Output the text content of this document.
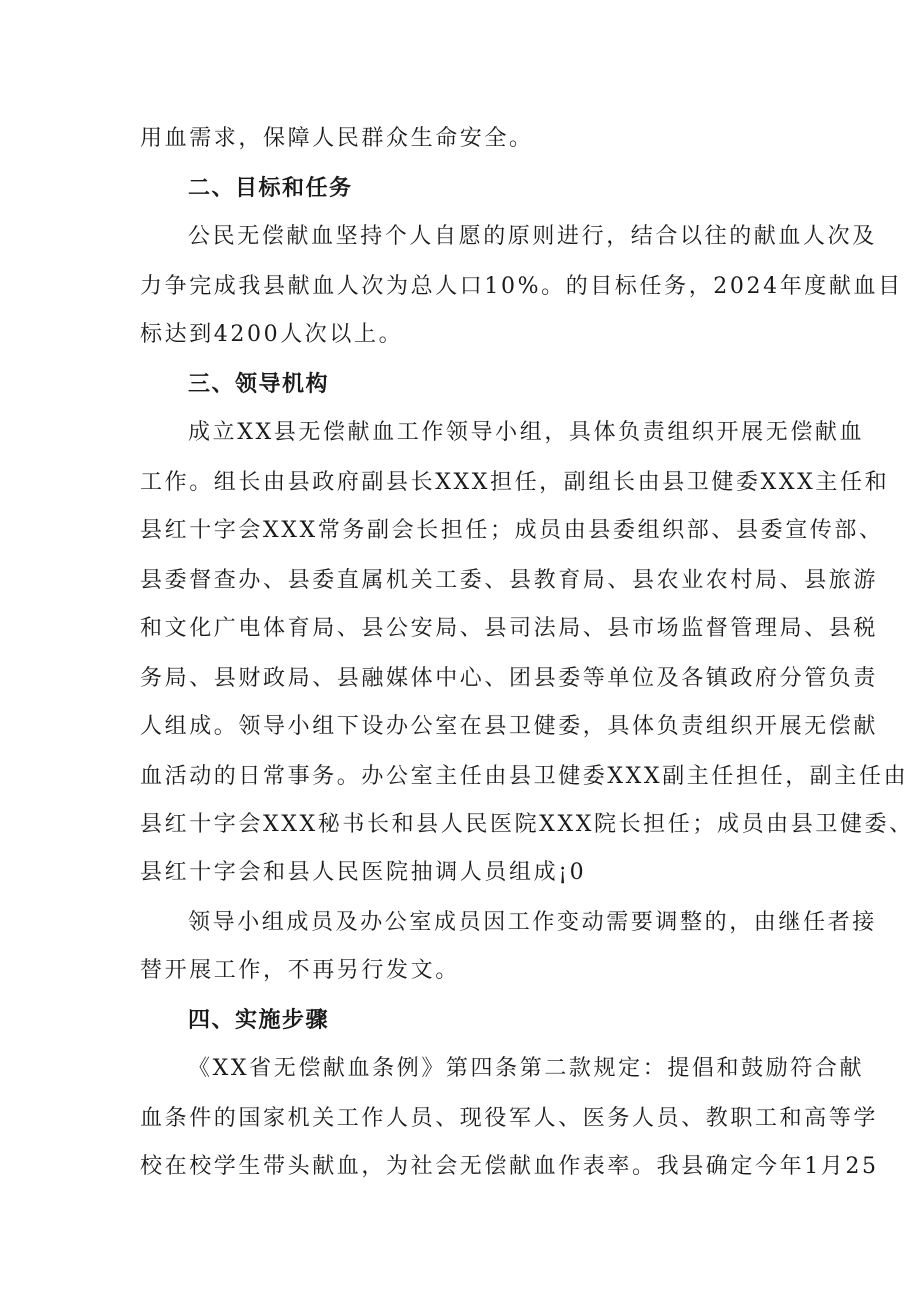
用血需求，保障人民群众生命安全。
二、目标和任务
公民无偿献血坚持个人自愿的原则进行，结合以往的献血人次及
力争完成我县献血人次为总人口10%。的目标任务，2024年度献血目
标达到4200人次以上。
三、领导机构
成立XX县无偿献血工作领导小组，具体负责组织开展无偿献血
工作。组长由县政府副县长XXX担任，副组长由县卫健委XXX主任和
县红十字会XXX常务副会长担任；成员由县委组织部、县委宣传部、
县委督查办、县委直属机关工委、县教育局、县农业农村局、县旅游
和文化广电体育局、县公安局、县司法局、县市场监督管理局、县税
务局、县财政局、县融媒体中心、团县委等单位及各镇政府分管负责
人组成。领导小组下设办公室在县卫健委，具体负责组织开展无偿献
血活动的日常事务。办公室主任由县卫健委XXX副主任担任，副主任由
县红十字会XXX秘书长和县人民医院XXX院长担任；成员由县卫健委、
县红十字会和县人民医院抽调人员组成¡0
领导小组成员及办公室成员因工作变动需要调整的，由继任者接
替开展工作，不再另行发文。
四、实施步骤
《XX省无偿献血条例》第四条第二款规定：提倡和鼓励符合献
血条件的国家机关工作人员、现役军人、医务人员、教职工和高等学
校在校学生带头献血，为社会无偿献血作表率。我县确定今年1月25
